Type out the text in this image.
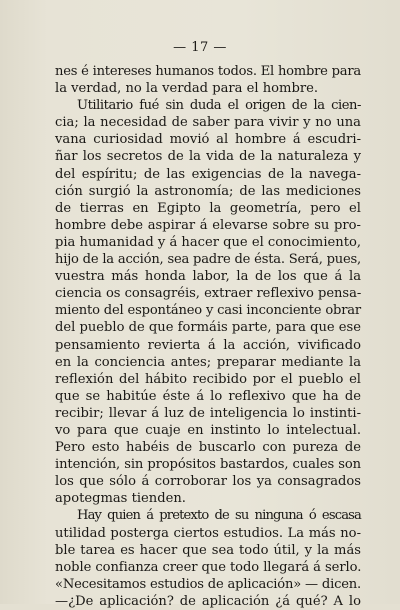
— 17 —
nes é intereses humanos todos. El hombre para
la verdad, no la verdad para el hombre.
Utilitario fué sin duda el origen de la cien-
cia; la necesidad de saber para vivir y no una
vana curiosidad movió al hombre á escudri-
ñar los secretos de la vida de la naturaleza y
del espíritu; de las exigencias de la navega-
ción surgió la astronomía; de las mediciones
de tierras en Egipto la geometría, pero el
hombre debe aspirar á elevarse sobre su pro-
pia humanidad y á hacer que el conocimiento,
hijo de la acción, sea padre de ésta. Será, pues,
vuestra más honda labor, la de los que á la
ciencia os consagréis, extraer reflexivo pensa-
miento del espontáneo y casi inconciente obrar
del pueblo de que formáis parte, para que ese
pensamiento revierta á la acción, vivificado
en la conciencia antes; preparar mediante la
reflexión del hábito recibido por el pueblo el
que se habitúe éste á lo reflexivo que ha de
recibir; llevar á luz de inteligencia lo instinti-
vo para que cuaje en instinto lo intelectual.
Pero esto habéis de buscarlo con pureza de
intención, sin propósitos bastardos, cuales son
los que sólo á corroborar los ya consagrados
apotegmas tienden.
Hay quien á pretexto de su ninguna ó escasa
utilidad posterga ciertos estudios. La más no-
ble tarea es hacer que sea todo útil, y la más
noble confianza creer que todo llegará á serlo.
«Necesitamos estudios de aplicación» — dicen.
—¿De aplicación? de aplicación ¿á qué? A lo
